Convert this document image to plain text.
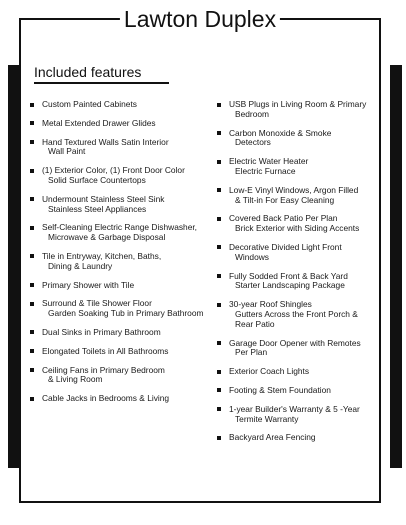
Lawton Duplex
Included features
Custom Painted Cabinets
Metal Extended Drawer Glides
Hand Textured Walls Satin Interior
Wall Paint
(1) Exterior Color, (1) Front Door Color
Solid Surface Countertops
Undermount Stainless Steel Sink
Stainless Steel Appliances
Self-Cleaning Electric Range Dishwasher,
Microwave & Garbage Disposal
Tile in Entryway, Kitchen, Baths,
Dining & Laundry
Primary Shower with Tile
Surround & Tile Shower Floor
Garden Soaking Tub in Primary Bathroom
Dual Sinks in Primary Bathroom
Elongated Toilets in All Bathrooms
Ceiling Fans in Primary Bedroom
& Living Room
Cable Jacks in Bedrooms & Living
USB Plugs in Living Room & Primary
Bedroom
Carbon Monoxide & Smoke
Detectors
Electric Water Heater
Electric Furnace
Low-E Vinyl Windows, Argon Filled
& Tilt-in For Easy Cleaning
Covered Back Patio Per Plan
Brick Exterior with Siding Accents
Decorative Divided Light Front
Windows
Fully Sodded Front & Back Yard
Starter Landscaping Package
30-year Roof Shingles
Gutters Across the Front Porch & Rear Patio
Garage Door Opener with Remotes
Per Plan
Exterior Coach Lights
Footing & Stem Foundation
1-year Builder's Warranty & 5 -Year
Termite Warranty
Backyard Area Fencing
